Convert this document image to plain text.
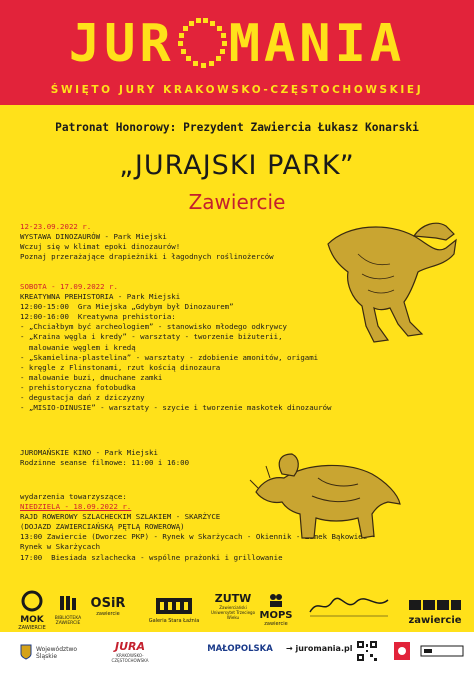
JUR MANIA
ŚWIĘTO JURY KRAKOWSKO-CZĘSTOCHOWSKIEJ
Patronat Honorowy: Prezydent Zawiercia Łukasz Konarski
„JURAJSKI PARK”
Zawiercie
12-23.09.2022 r.
WYSTAWA DINOZAURÓW - Park Miejski
Wczuj się w klimat epoki dinozaurów!
Poznaj przerażające drapieżniki i łagodnych roślinożerców
SOBOTA - 17.09.2022 r.
KREATYWNA PREHISTORIA - Park Miejski
12:00-15:00  Gra Miejska „Gdybym był Dinozaurem”
12:00-16:00  Kreatywna prehistoria:
- „Chciałbym być archeologiem” - stanowisko młodego odkrywcy
- „Kraina węgla i kredy” - warsztaty - tworzenie biżuterii,
malowanie węglem i kredą
- „Skamielina-plastelina” - warsztaty - zdobienie amonitów, origami
- kręgle z Flinstonami, rzut kością dinozaura
- malowanie buzi, dmuchane zamki
- prehistoryczna fotobudka
- degustacja dań z dziczyzny
- „MISIO-DINUSIE” - warsztaty - szycie i tworzenie maskotek dinozaurów
JUROMAŃSKIE KINO - Park Miejski
Rodzinne seanse filmowe: 11:00 i 16:00
wydarzenia towarzyszące:
NIEDZIELA - 18.09.2022 r.
RAJD ROWEROWY SZLACHECKIM SZLAKIEM - SKARŻYCE
(DOJAZD ZAWIERCIAŃSKĄ PĘTLĄ ROWEROWĄ)
13:00 Zawiercie (Dworzec PKP) - Rynek w Skarżycach - Okiennik - Zamek Bąkowiec -
Rynek w Skarżycach
17:00  Biesiada szlachecka - wspólne prażonki i grillowanie
MOK
ZAWIERCIE
BIBLIOTEKA ZAWIERCIE
OSiR
zawiercie
Galeria Stara Łaźnia
ZUTW
Zawierciański Uniwersytet Trzeciego Wieku	MOPS
zawiercie	zawiercie
Województwo Śląskie
JURA
KRAKOWSKO-CZĘSTOCHOWSKA
MAŁOPOLSKA	→ juromania.pl
